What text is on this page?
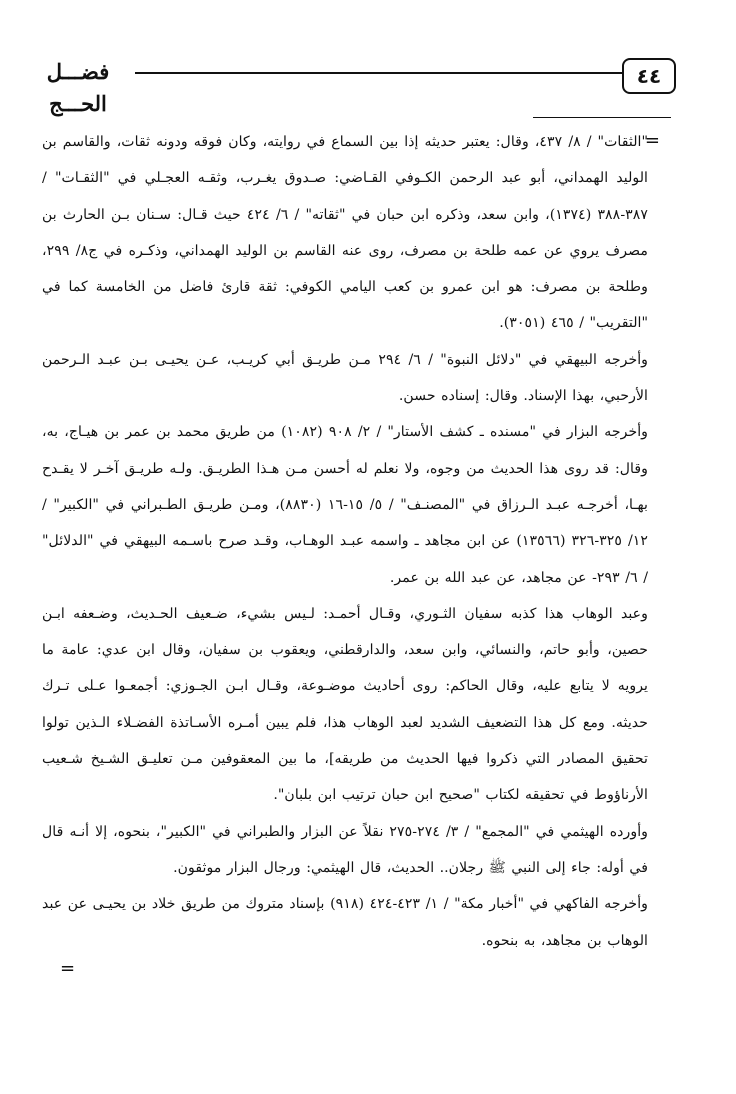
٤٤
فضـــل الحـــج
=

"الثقات" / ٨/ ٤٣٧، وقال: يعتبر حديثه إذا بين السماع في روايته، وكان فوقه ودونه ثقات، والقاسم بن الوليد الهمداني، أبو عبد الرحمن الكـوفي القـاضي: صـدوق يغـرب، وثقـه العجـلي في "الثقـات" / ٣٨٧-٣٨٨ (١٣٧٤)، وابن سعد، وذكره ابن حبان في "ثقاته" / ٦/ ٤٢٤ حيث قـال: سـنان بـن الحارث بن مصرف يروي عن عمه طلحة بن مصرف، روى عنه القاسم بن الوليد الهمداني، وذكـره في ج٨/ ٢٩٩، وطلحة بن مصرف: هو ابن عمرو بن كعب اليامي الكوفي: ثقة قارئ فاضل من الخامسة كما في "التقريب" / ٤٦٥ (٣٠٥١).

وأخرجه البيهقي في "دلائل النبوة" / ٦/ ٢٩٤ مـن طريـق أبي كريـب، عـن يحيـى بـن عبـد الـرحمن الأرحبي، بهذا الإسناد. وقال: إسناده حسن.

وأخرجه البزار في "مسنده ـ كشف الأستار" / ٢/ ٩٠٨ (١٠٨٢) من طريق محمد بن عمر بن هيـاج، به، وقال: قد روى هذا الحديث من وجوه، ولا نعلم له أحسن مـن هـذا الطريـق. ولـه طريـق آخـر لا يقـدح بهـا، أخرجـه عبـد الـرزاق في "المصنـف" / ٥/ ١٥-١٦ (٨٨٣٠)، ومـن طريـق الطـبراني في "الكبير" / ١٢/ ٣٢٥-٣٢٦ (١٣٥٦٦) عن ابن مجاهد ـ واسمه عبـد الوهـاب، وقـد صرح باسـمه البيهقي في "الدلائل" / ٦/ ٢٩٣- عن مجاهد، عن عبد الله بن عمر.

وعبد الوهاب هذا كذبه سفيان الثـوري، وقـال أحمـد: لـيس بشيء، ضـعيف الحـديث، وضـعفه ابـن حصين، وأبو حاتم، والنسائي، وابن سعد، والدارقطني، ويعقوب بن سفيان، وقال ابن عدي: عامة ما يرويه لا يتابع عليه، وقال الحاكم: روى أحاديث موضـوعة، وقـال ابـن الجـوزي: أجمعـوا عـلى تـرك حديثه. ومع كل هذا التضعيف الشديد لعبد الوهاب هذا، فلم يبين أمـره الأسـاتذة الفضـلاء الـذين تولوا تحقيق المصادر التي ذكروا فيها الحديث من طريقه]، ما بين المعقوفين مـن تعليـق الشـيخ شـعيب الأرناؤوط في تحقيقه لكتاب "صحيح ابن حبان ترتيب ابن بلبان".

وأورده الهيثمي في "المجمع" / ٣/ ٢٧٤-٢٧٥ نقلاً عن البزار والطبراني في "الكبير"، بنحوه، إلا أنـه قال في أوله: جاء إلى النبي ﷺ رجلان.. الحديث، قال الهيثمي: ورجال البزار موثقون.

وأخرجه الفاكهي في "أخبار مكة" / ١/ ٤٢٣-٤٢٤ (٩١٨) بإسناد متروك من طريق خلاد بن يحيـى عن عبد الوهاب بن مجاهد، به بنحوه.

=
